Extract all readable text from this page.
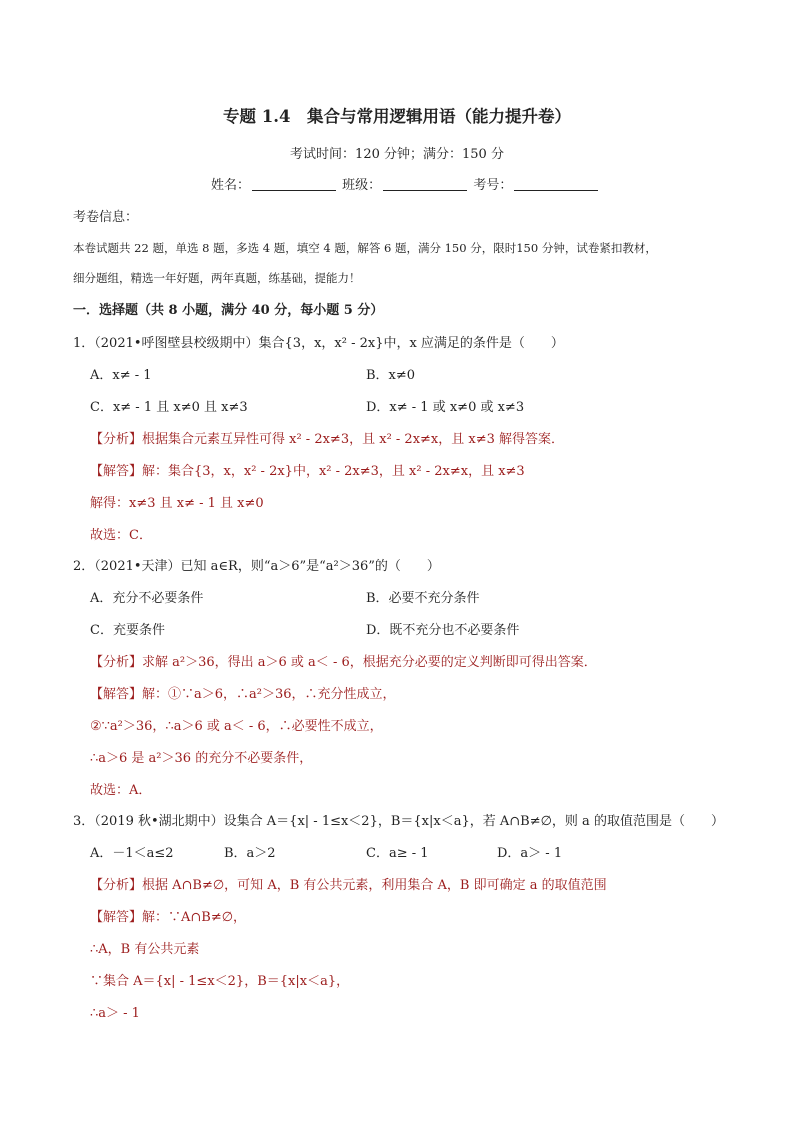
专题 1.4　集合与常用逻辑用语（能力提升卷）
考试时间：120 分钟；满分：150 分
姓名：	班级：	考号：
考卷信息：
本卷试题共 22 题，单选 8 题，多选 4 题，填空 4 题，解答 6 题，满分 150 分，限时150 分钟，试卷紧扣教材，
细分题组，精选一年好题，两年真题，练基础，提能力！
一．选择题（共 8 小题，满分 40 分，每小题 5 分）
1．（2021•呼图壁县校级期中）集合{3，x，x² - 2x}中，x 应满足的条件是（　　）
A．x≠ - 1	B．x≠0
C．x≠ - 1 且 x≠0 且 x≠3	D．x≠ - 1 或 x≠0 或 x≠3
【分析】根据集合元素互异性可得 x² - 2x≠3，且 x² - 2x≠x，且 x≠3 解得答案．
【解答】解：集合{3，x，x² - 2x}中，x² - 2x≠3，且 x² - 2x≠x，且 x≠3
解得：x≠3 且 x≠ - 1 且 x≠0
故选：C．
2．（2021•天津）已知 a∈R，则“a＞6”是“a²＞36”的（　　）
A．充分不必要条件	B．必要不充分条件
C．充要条件	D．既不充分也不必要条件
【分析】求解 a²＞36，得出 a＞6 或 a＜ - 6，根据充分必要的定义判断即可得出答案．
【解答】解：①∵a＞6，∴a²＞36，∴充分性成立，
②∵a²＞36，∴a＞6 或 a＜ - 6，∴必要性不成立，
∴a＞6 是 a²＞36 的充分不必要条件，
故选：A．
3．（2019 秋•湖北期中）设集合 A＝{x| - 1≤x＜2}，B＝{x|x＜a}，若 A∩B≠∅，则 a 的取值范围是（　　）
A．－1＜a≤2	B．a＞2	C．a≥ - 1	D．a＞ - 1
【分析】根据 A∩B≠∅，可知 A，B 有公共元素，利用集合 A，B 即可确定 a 的取值范围
【解答】解：∵A∩B≠∅，
∴A，B 有公共元素
∵集合 A＝{x| - 1≤x＜2}，B＝{x|x＜a}，
∴a＞ - 1
